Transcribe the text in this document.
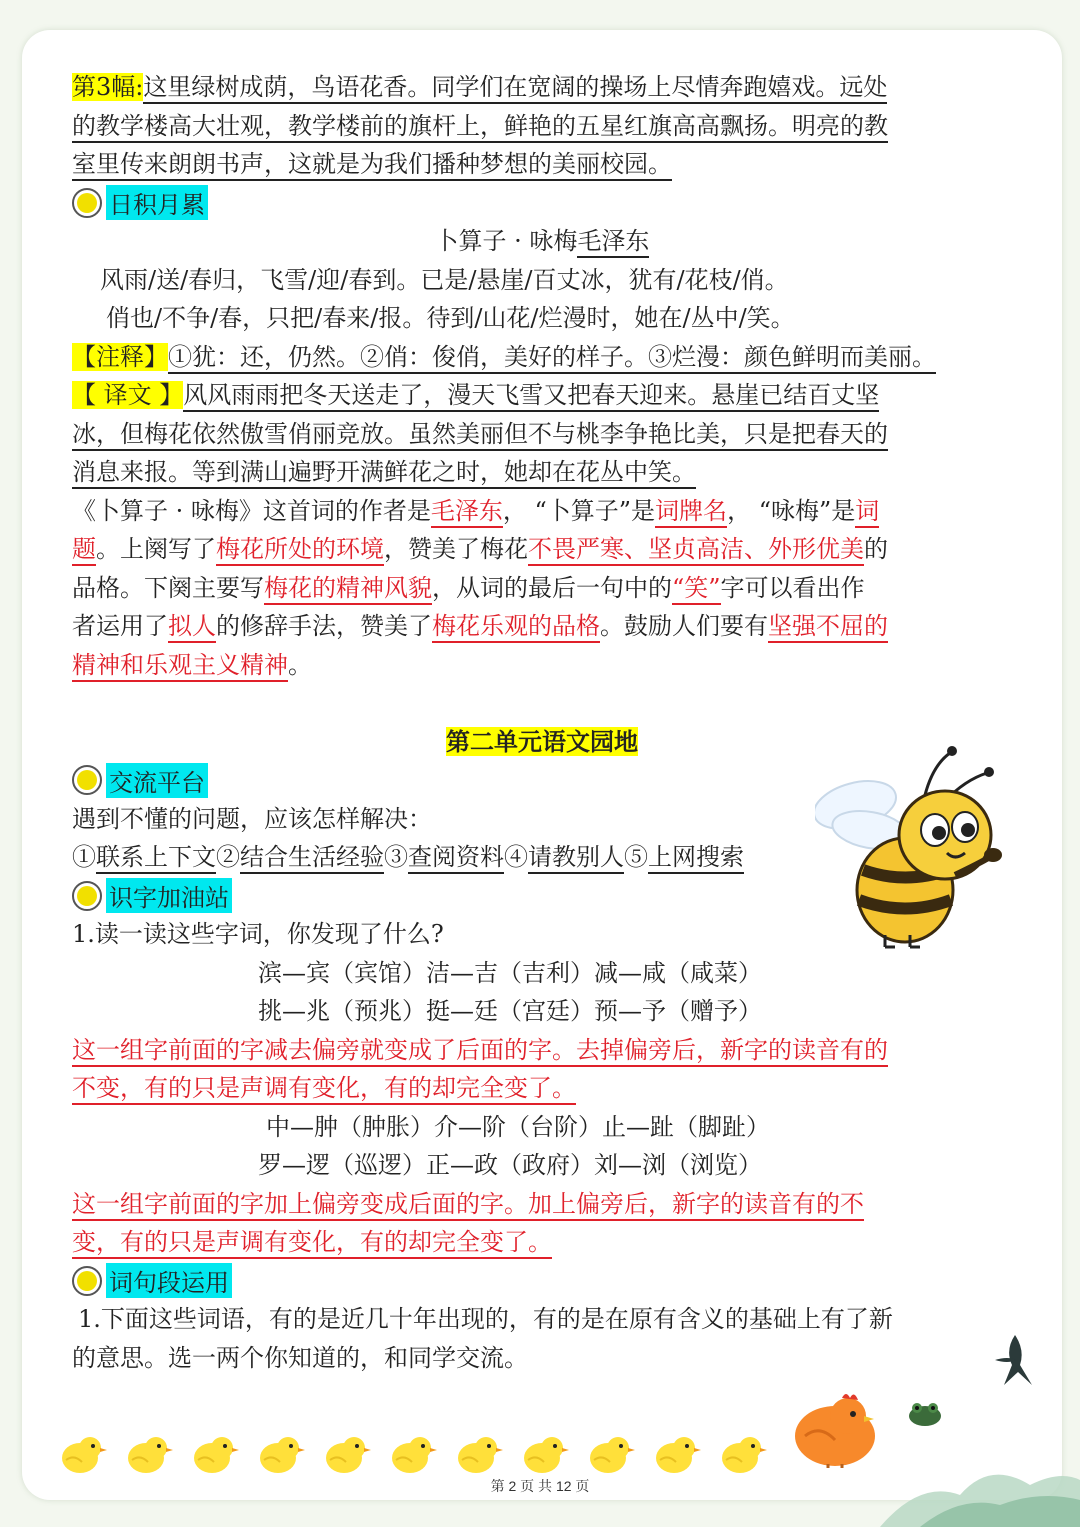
第3幅:这里绿树成荫，鸟语花香。同学们在宽阔的操场上尽情奔跑嬉戏。远处
的教学楼高大壮观，教学楼前的旗杆上，鲜艳的五星红旗高高飘扬。明亮的教
室里传来朗朗书声，这就是为我们播种梦想的美丽校园。
日积月累
卜算子 · 咏梅毛泽东
风雨/送/春归，飞雪/迎/春到。已是/悬崖/百丈冰，犹有/花枝/俏。
俏也/不争/春，只把/春来/报。待到/山花/烂漫时，她在/丛中/笑。
【注释】①犹：还，仍然。②俏：俊俏，美好的样子。③烂漫：颜色鲜明而美丽。
【 译文 】风风雨雨把冬天送走了，漫天飞雪又把春天迎来。悬崖已结百丈坚
冰，但梅花依然傲雪俏丽竞放。虽然美丽但不与桃李争艳比美，只是把春天的
消息来报。等到满山遍野开满鲜花之时，她却在花丛中笑。
《卜算子 · 咏梅》这首词的作者是毛泽东， “卜算子”是词牌名， “咏梅”是词
题。上阕写了梅花所处的环境，赞美了梅花不畏严寒、坚贞高洁、外形优美的
品格。下阕主要写梅花的精神风貌，从词的最后一句中的“笑”字可以看出作
者运用了拟人的修辞手法，赞美了梅花乐观的品格。鼓励人们要有坚强不屈的
精神和乐观主义精神。
第二单元语文园地
交流平台
遇到不懂的问题，应该怎样解决：
①联系上下文②结合生活经验③查阅资料④请教别人⑤上网搜索
识字加油站
1.读一读这些字词，你发现了什么?
滨—宾（宾馆）洁—吉（吉利）减—咸（咸菜）
挑—兆（预兆）挺—廷（宫廷）预—予（赠予）
这一组字前面的字减去偏旁就变成了后面的字。去掉偏旁后，新字的读音有的
不变，有的只是声调有变化，有的却完全变了。
中—肿（肿胀）介—阶（台阶）止—趾（脚趾）
罗—逻（巡逻）正—政（政府）刘—浏（浏览）
这一组字前面的字加上偏旁变成后面的字。加上偏旁后，新字的读音有的不
变，有的只是声调有变化，有的却完全变了。
词句段运用
1.下面这些词语，有的是近几十年出现的，有的是在原有含义的基础上有了新
的意思。选一两个你知道的，和同学交流。
第 2 页 共 12 页
